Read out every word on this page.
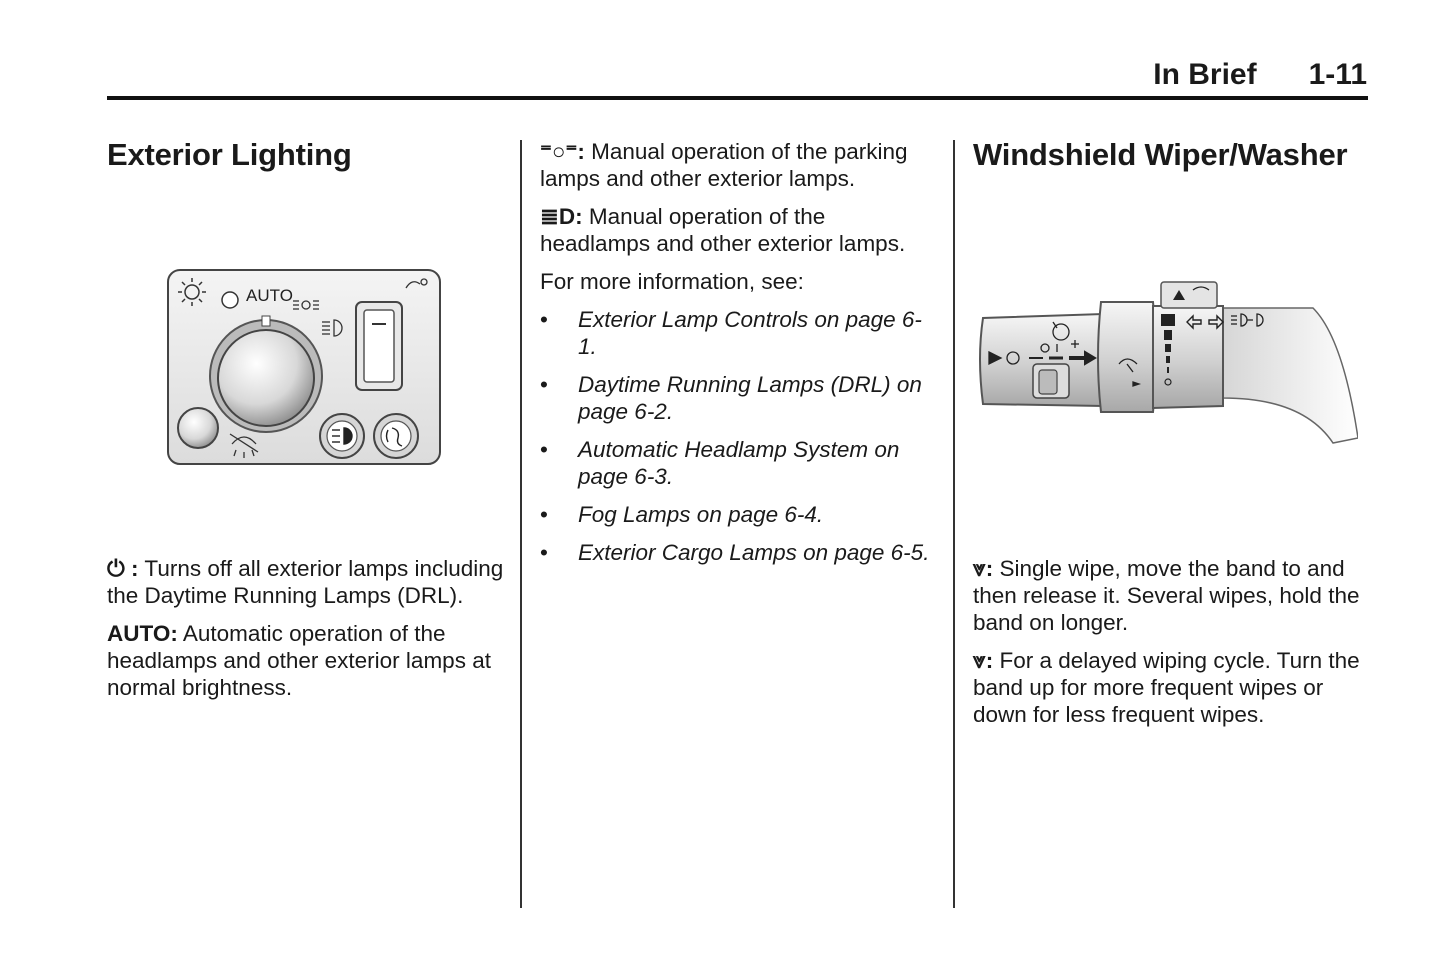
In Brief 1-11
Exterior Lighting
AUTO

⏻ : Turns off all exterior lamps including the Daytime Running Lamps (DRL).

AUTO: Automatic operation of the headlamps and other exterior lamps at normal brightness.

⁼○⁼: Manual operation of the parking lamps and other exterior lamps.

≣D: Manual operation of the headlamps and other exterior lamps.

For more information, see:

• Exterior Lamp Controls on page 6-1.
• Daytime Running Lamps (DRL) on page 6-2.
• Automatic Headlamp System on page 6-3.
• Fog Lamps on page 6-4.
• Exterior Cargo Lamps on page 6-5.
Windshield Wiper/Washer

⩔: Single wipe, move the band to and then release it. Several wipes, hold the band on longer.

⩔: For a delayed wiping cycle. Turn the band up for more frequent wipes or down for less frequent wipes.
